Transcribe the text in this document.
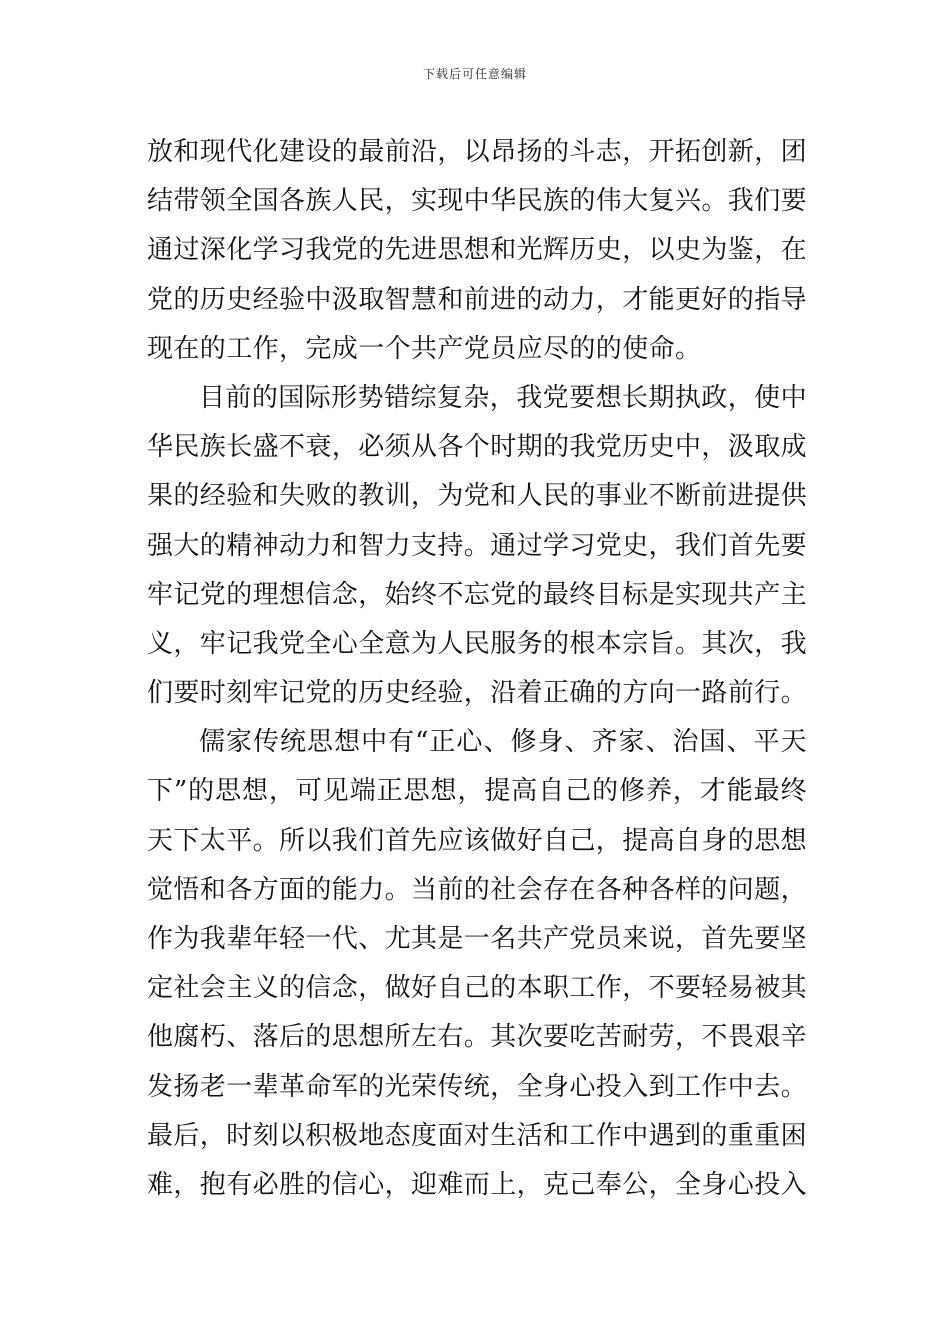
下载后可任意编辑
放和现代化建设的最前沿，以昂扬的斗志，开拓创新，团
结带领全国各族人民，实现中华民族的伟大复兴。我们要
通过深化学习我党的先进思想和光辉历史，以史为鉴，在
党的历史经验中汲取智慧和前进的动力，才能更好的指导
现在的工作，完成一个共产党员应尽的的使命。
目前的国际形势错综复杂，我党要想长期执政，使中
华民族长盛不衰，必须从各个时期的我党历史中，汲取成
果的经验和失败的教训，为党和人民的事业不断前进提供
强大的精神动力和智力支持。通过学习党史，我们首先要
牢记党的理想信念，始终不忘党的最终目标是实现共产主
义，牢记我党全心全意为人民服务的根本宗旨。其次，我
们要时刻牢记党的历史经验，沿着正确的方向一路前行。
儒家传统思想中有“正心、修身、齐家、治国、平天
下”的思想，可见端正思想，提高自己的修养，才能最终
天下太平。所以我们首先应该做好自己，提高自身的思想
觉悟和各方面的能力。当前的社会存在各种各样的问题，
作为我辈年轻一代、尤其是一名共产党员来说，首先要坚
定社会主义的信念，做好自己的本职工作，不要轻易被其
他腐朽、落后的思想所左右。其次要吃苦耐劳，不畏艰辛
发扬老一辈革命军的光荣传统，全身心投入到工作中去。
最后，时刻以积极地态度面对生活和工作中遇到的重重困
难，抱有必胜的信心，迎难而上，克己奉公，全身心投入
